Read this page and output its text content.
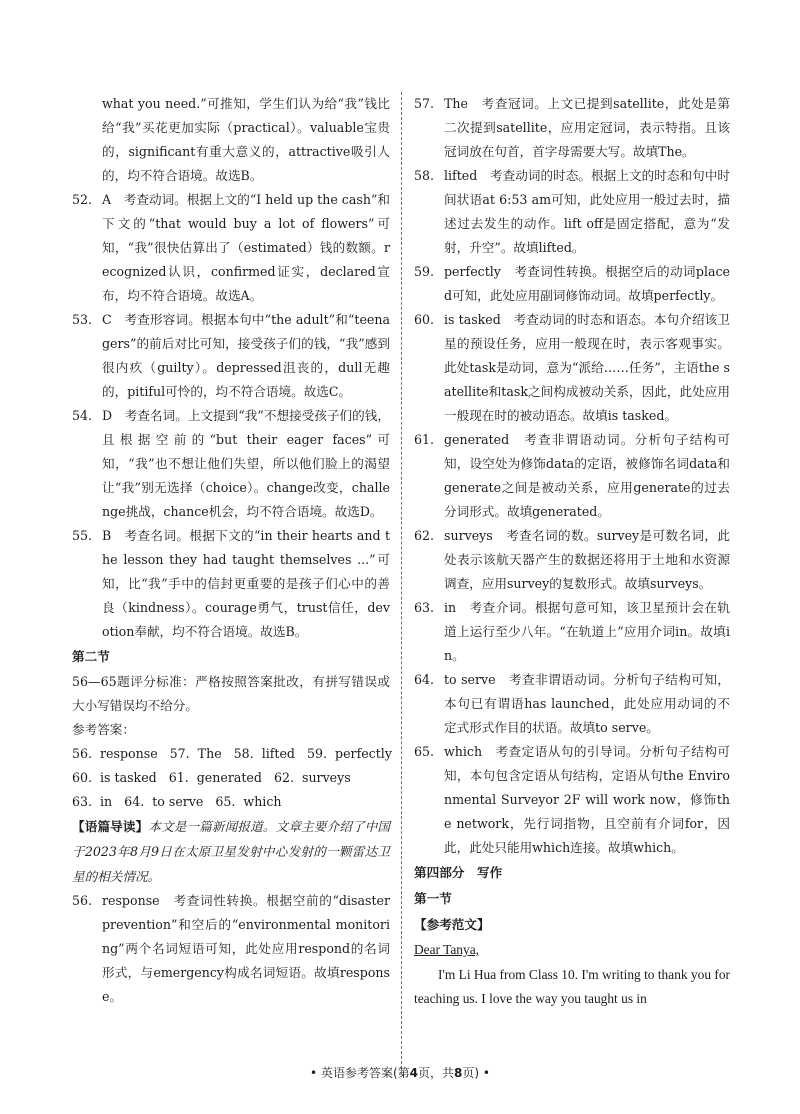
what you need.”可推知，学生们认为给“我”钱比给“我”买花更加实际（practical）。valuable宝贵的，significant有重大意义的，attractive吸引人的，均不符合语境。故选B。

52. A　考查动词。根据上文的“I held up the cash”和下文的“that would buy a lot of flowers”可知，“我”很快估算出了（estimated）钱的数额。recognized认识，confirmed证实，declared宣布，均不符合语境。故选A。

53. C　考查形容词。根据本句中“the adult”和“teenagers”的前后对比可知，接受孩子们的钱，“我”感到很内疚（guilty）。depressed沮丧的，dull无趣的，pitiful可怜的，均不符合语境。故选C。

54. D　考查名词。上文提到“我”不想接受孩子们的钱，且根据空前的“but their eager faces”可知，“我”也不想让他们失望，所以他们脸上的渴望让“我”别无选择（choice）。change改变，challenge挑战，chance机会，均不符合语境。故选D。

55. B　考查名词。根据下文的“in their hearts and the lesson they had taught themselves ...”可知，比“我”手中的信封更重要的是孩子们心中的善良（kindness）。courage勇气，trust信任，devotion奉献，均不符合语境。故选B。

第二节

56—65题评分标准：严格按照答案批改，有拼写错误或大小写错误均不给分。

参考答案：

56.  response   57.  The   58.  lifted   59.  perfectly

60.  is tasked   61.  generated   62.  surveys

63.  in   64.  to serve   65.  which

【语篇导读】本文是一篇新闻报道。文章主要介绍了中国于2023年8月9日在太原卫星发射中心发射的一颗雷达卫星的相关情况。

56. response　考查词性转换。根据空前的“disaster prevention”和空后的“environmental monitoring”两个名词短语可知，此处应用respond的名词形式，与emergency构成名词短语。故填response。

57. The　考查冠词。上文已提到satellite，此处是第二次提到satellite，应用定冠词，表示特指。且该冠词放在句首，首字母需要大写。故填The。

58. lifted　考查动词的时态。根据上文的时态和句中时间状语at 6:53 am可知，此处应用一般过去时，描述过去发生的动作。lift off是固定搭配，意为“发射，升空”。故填lifted。

59. perfectly　考查词性转换。根据空后的动词placed可知，此处应用副词修饰动词。故填perfectly。

60. is tasked　考查动词的时态和语态。本句介绍该卫星的预设任务，应用一般现在时，表示客观事实。此处task是动词，意为“派给……任务”，主语the satellite和task之间构成被动关系，因此，此处应用一般现在时的被动语态。故填is tasked。

61. generated　考查非谓语动词。分析句子结构可知，设空处为修饰data的定语，被修饰名词data和generate之间是被动关系，应用generate的过去分词形式。故填generated。

62. surveys　考查名词的数。survey是可数名词，此处表示该航天器产生的数据还将用于土地和水资源调查，应用survey的复数形式。故填surveys。

63. in　考查介词。根据句意可知，该卫星预计会在轨道上运行至少八年。“在轨道上”应用介词in。故填in。

64. to serve　考查非谓语动词。分析句子结构可知，本句已有谓语has launched，此处应用动词的不定式形式作目的状语。故填to serve。

65. which　考查定语从句的引导词。分析句子结构可知，本句包含定语从句结构，定语从句the Environmental Surveyor 2F will work now，修饰the network，先行词指物，且空前有介词for，因此，此处只能用which连接。故填which。

第四部分　写作

第一节

【参考范文】

Dear Tanya,

I'm Li Hua from Class 10. I'm writing to thank you for teaching us. I love the way you taught us in

• 英语参考答案(第4页，共8页) •
